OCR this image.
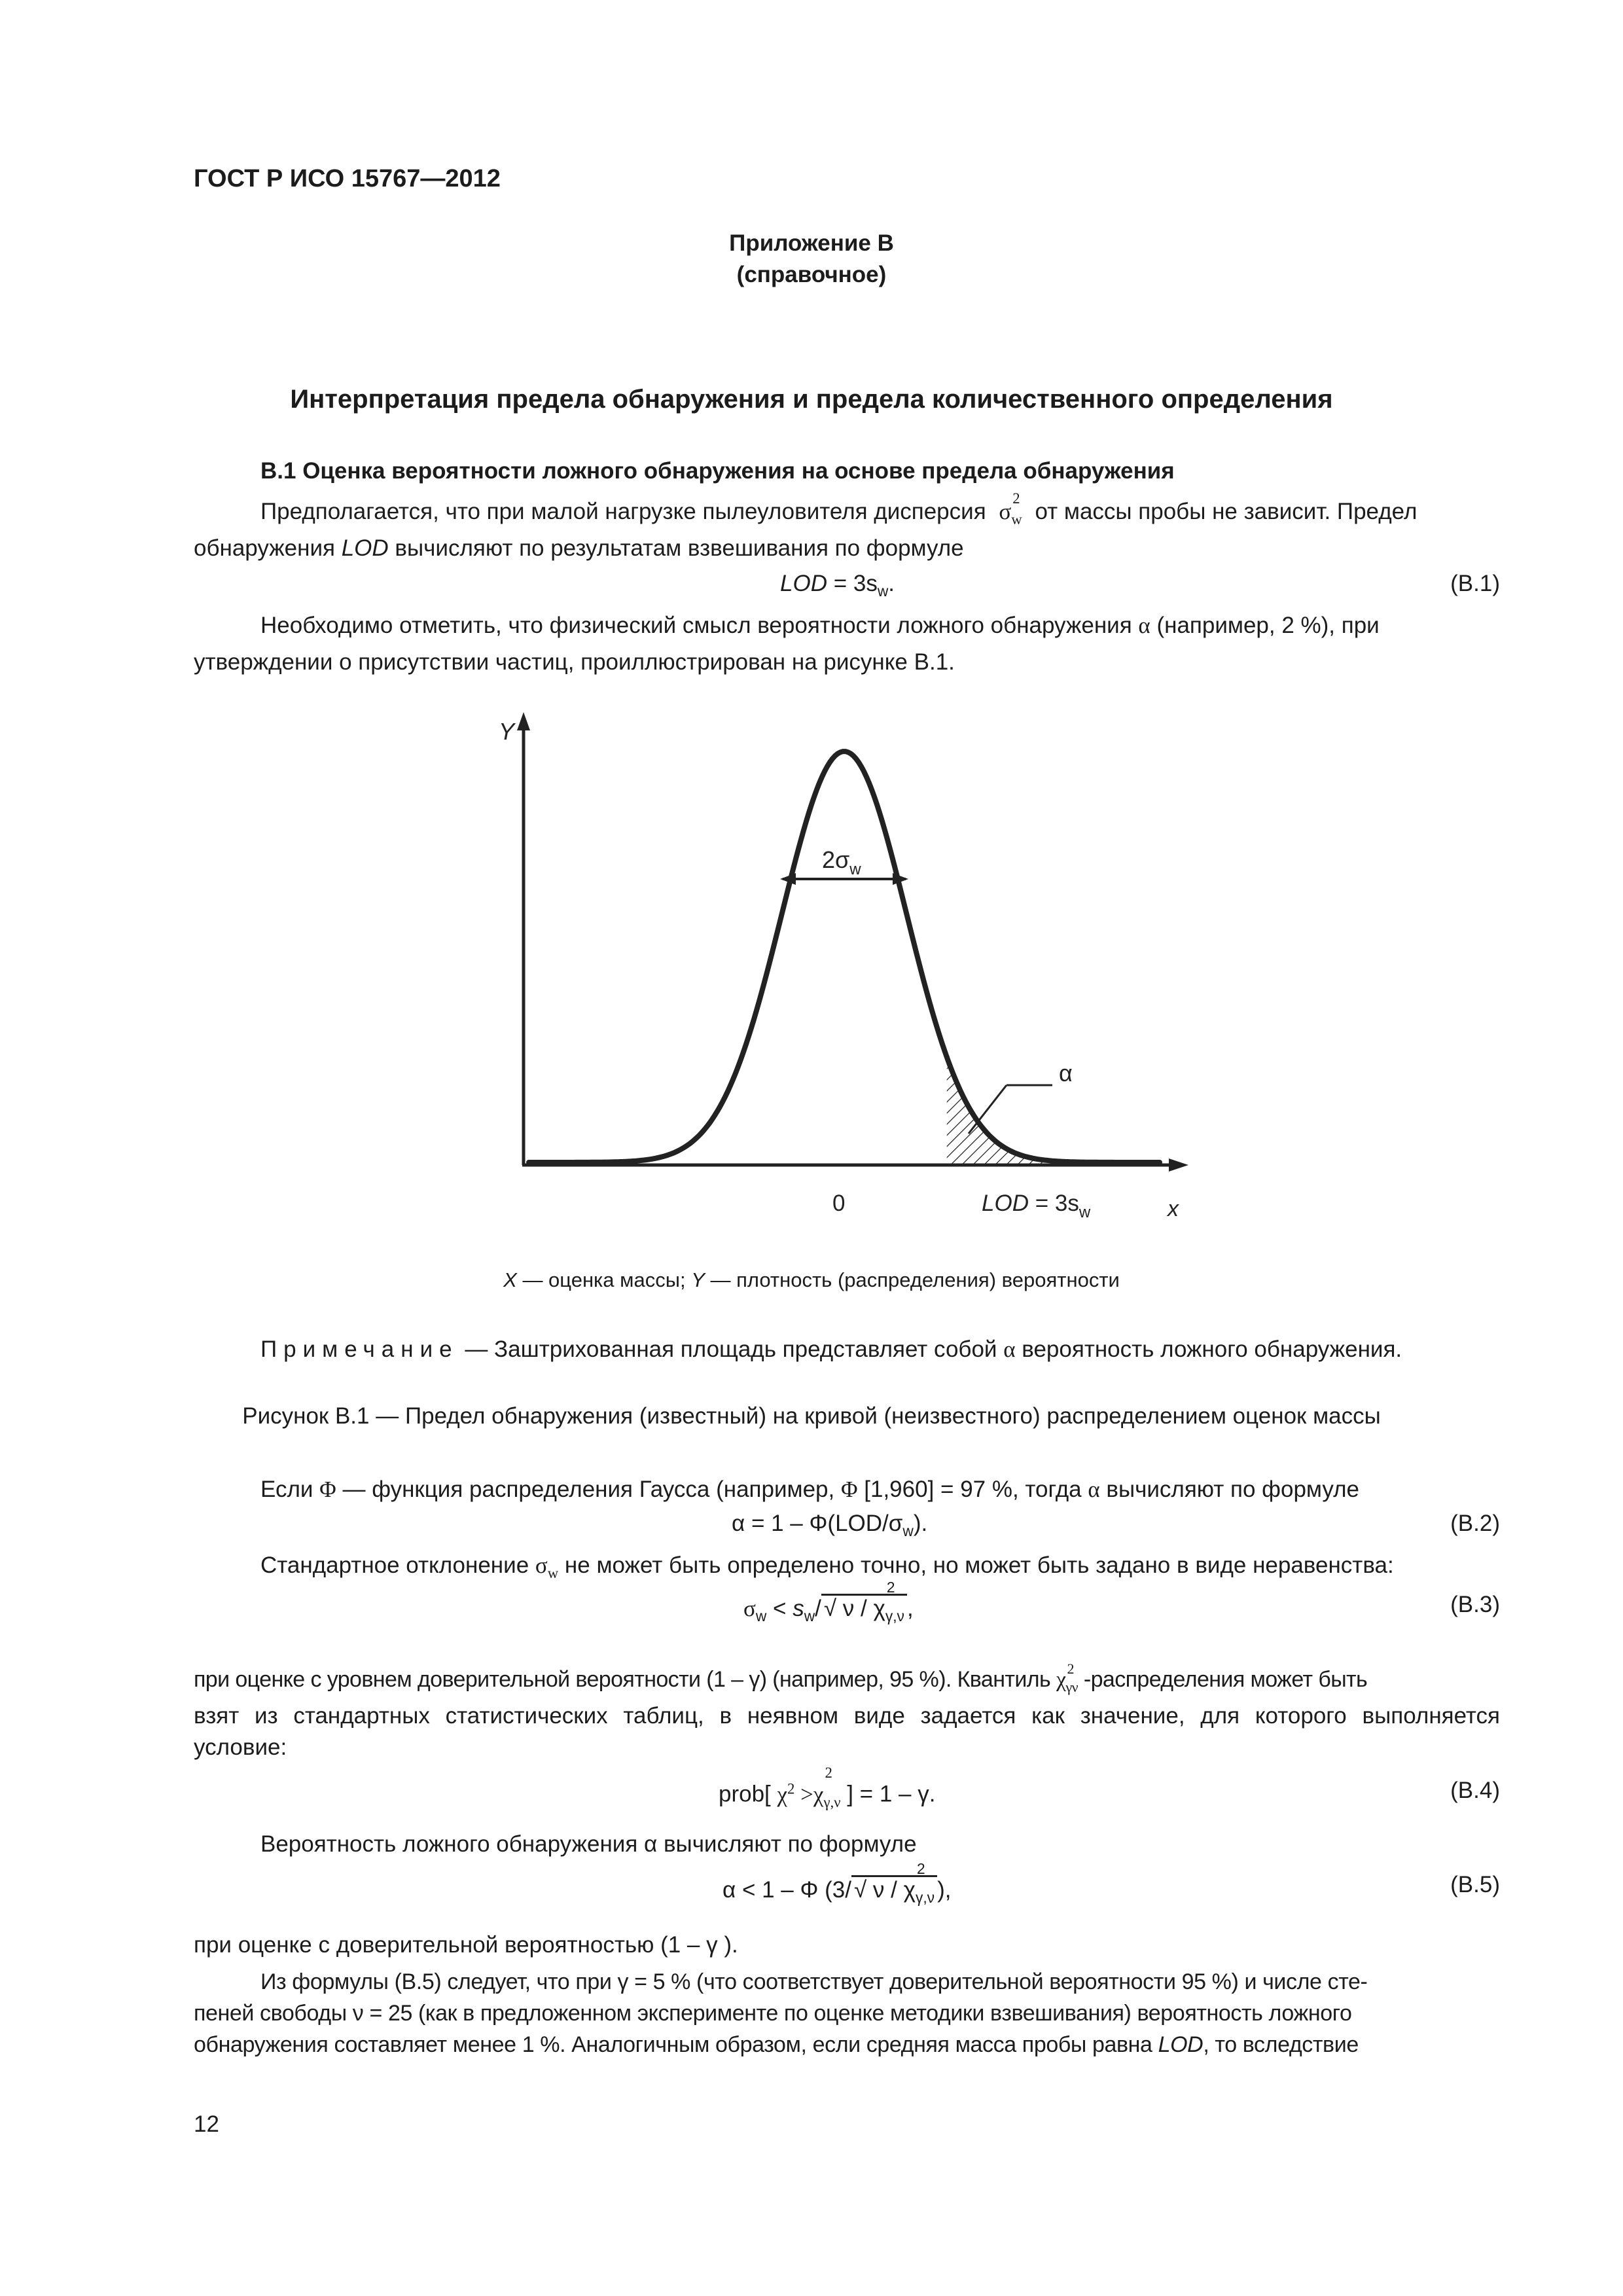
ГОСТ Р ИСО 15767—2012
Приложение В
(справочное)
Интерпретация предела обнаружения и предела количественного определения
В.1 Оценка вероятности ложного обнаружения на основе предела обнаружения
Предполагается, что при малой нагрузке пылеуловителя дисперсия σ
2
$_w$ от массы пробы не зависит. Предел
обнаружения LOD вычисляют по результатам взвешивания по формуле
LOD = $3s_w$.	(В.1)
Необходимо отметить, что физический смысл вероятности ложного обнаружения α (например, 2 %), при
утверждении о присутствии частиц, проиллюстрирован на рисунке В.1.
Y
x
$2\sigma_w$
α
0	LOD = $3s_w$
X — оценка массы; Y — плотность (распределения) вероятности
Примечание — Заштрихованная площадь представляет собой α вероятность ложного обнаружения.
Рисунок В.1 — Предел обнаружения (известный) на кривой (неизвестного) распределением оценок массы
Если Φ — функция распределения Гаусса (например, Φ [1,960] = 97 %, тогда α вычисляют по формуле
$\alpha = 1 - \Phi(LOD/\sigma_w)$.	(В.2)
Стандартное отклонение $\sigma_w$ не может быть определено точно, но может быть задано в виде неравенства:
$\sigma_w < s_w/$ √ ν / χ
2
$_{\gamma,\nu}$ ,	(В.3)
при оценке с уровнем доверительной вероятности (1 – γ) (например, 95 %). Квантиль χ 2
$_{\gamma\nu}$ -распределения может быть
взят из стандартных статистических таблиц, в неявном виде задается как значение, для которого выполняется
условие:
prob[ $\chi^2 >\chi$
2
$_{\gamma,\nu}$ ] = 1 – γ.	(В.4)
Вероятность ложного обнаружения α вычисляют по формуле
α < 1 – Φ (3/ √ ν / χ
2
$_{\gamma,\nu}$ ),	(В.5)
при оценке с доверительной вероятностью (1 – γ ).
Из формулы (В.5) следует, что при γ = 5 % (что соответствует доверительной вероятности 95 %) и числе сте-
пеней свободы ν = 25 (как в предложенном эксперименте по оценке методики взвешивания) вероятность ложного
обнаружения составляет менее 1 %. Аналогичным образом, если средняя масса пробы равна LOD, то вследствие
12
